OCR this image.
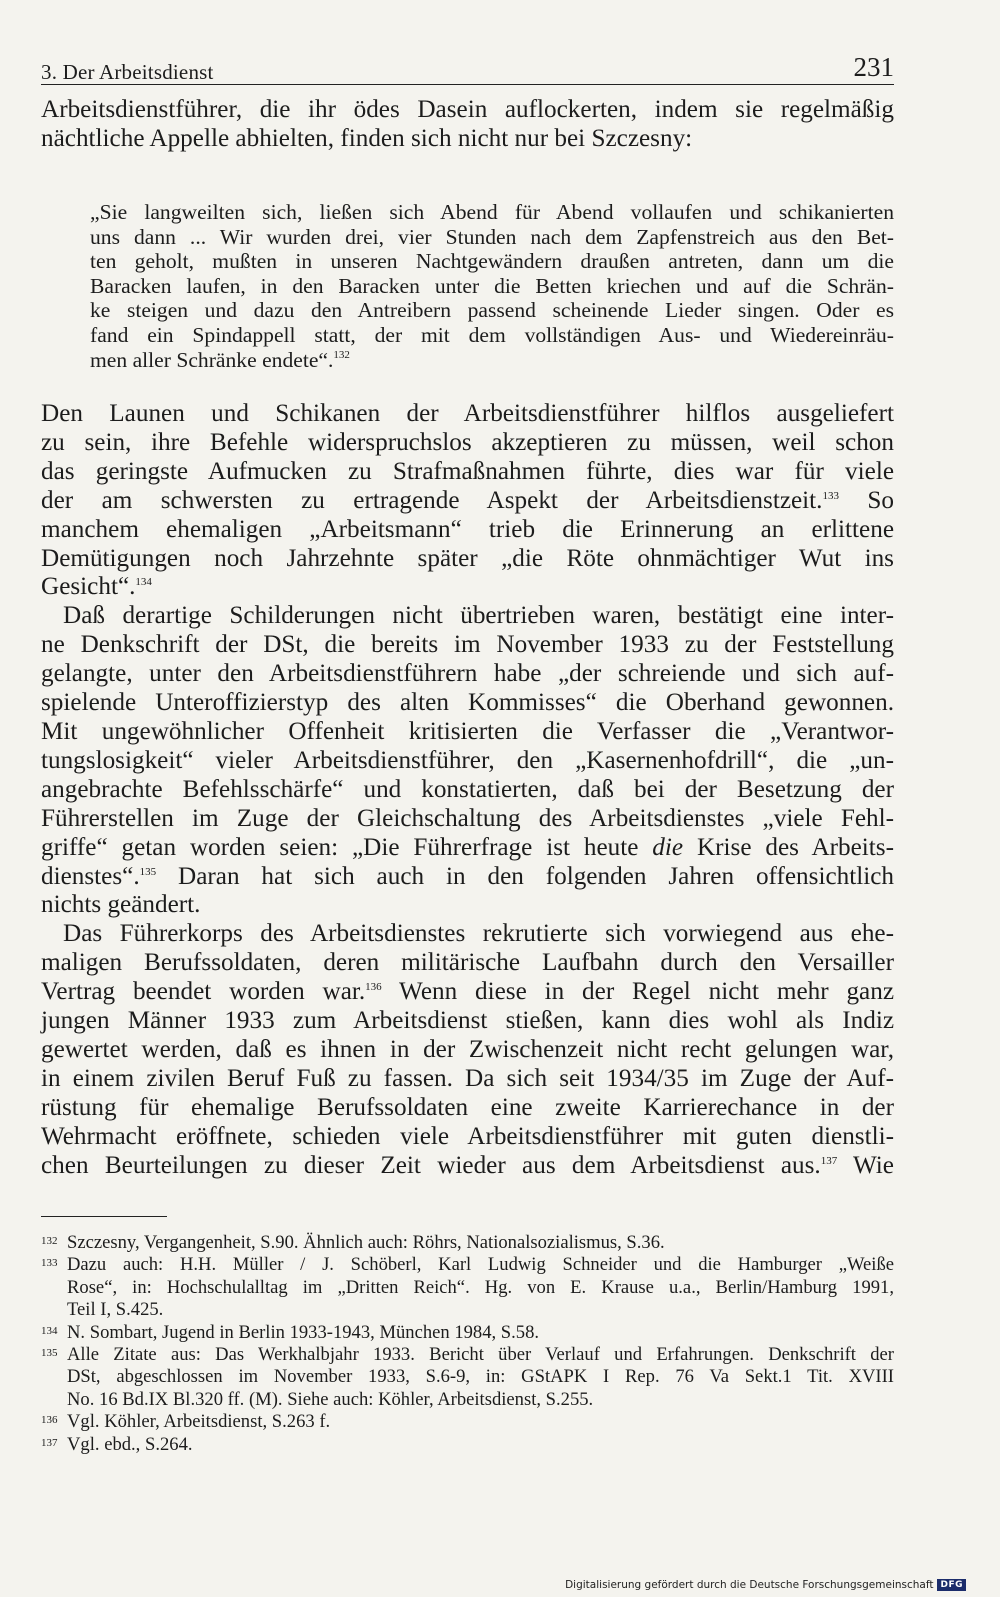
3. Der Arbeitsdienst	231
Arbeitsdienstführer, die ihr ödes Dasein auflockerten, indem sie regelmäßig
nächtliche Appelle abhielten, finden sich nicht nur bei Szczesny:
„Sie langweilten sich, ließen sich Abend für Abend vollaufen und schikanierten
uns dann ... Wir wurden drei, vier Stunden nach dem Zapfenstreich aus den Bet-
ten geholt, mußten in unseren Nachtgewändern draußen antreten, dann um die
Baracken laufen, in den Baracken unter die Betten kriechen und auf die Schrän-
ke steigen und dazu den Antreibern passend scheinende Lieder singen. Oder es
fand ein Spindappell statt, der mit dem vollständigen Aus- und Wiedereinräu-
men aller Schränke endete“.$^{132}$
Den Launen und Schikanen der Arbeitsdienstführer hilflos ausgeliefert
zu sein, ihre Befehle widerspruchslos akzeptieren zu müssen, weil schon
das geringste Aufmucken zu Strafmaßnahmen führte, dies war für viele
der am schwersten zu ertragende Aspekt der Arbeitsdienstzeit.$^{133}$ So
manchem ehemaligen „Arbeitsmann“ trieb die Erinnerung an erlittene
Demütigungen noch Jahrzehnte später „die Röte ohnmächtiger Wut ins
Gesicht“.$^{134}$
Daß derartige Schilderungen nicht übertrieben waren, bestätigt eine inter-
ne Denkschrift der DSt, die bereits im November 1933 zu der Feststellung
gelangte, unter den Arbeitsdienstführern habe „der schreiende und sich auf-
spielende Unteroffizierstyp des alten Kommisses“ die Oberhand gewonnen.
Mit ungewöhnlicher Offenheit kritisierten die Verfasser die „Verantwor-
tungslosigkeit“ vieler Arbeitsdienstführer, den „Kasernenhofdrill“, die „un-
angebrachte Befehlsschärfe“ und konstatierten, daß bei der Besetzung der
Führerstellen im Zuge der Gleichschaltung des Arbeitsdienstes „viele Fehl-
griffe“ getan worden seien: „Die Führerfrage ist heute die Krise des Arbeits-
dienstes“.$^{135}$ Daran hat sich auch in den folgenden Jahren offensichtlich
nichts geändert.
Das Führerkorps des Arbeitsdienstes rekrutierte sich vorwiegend aus ehe-
maligen Berufssoldaten, deren militärische Laufbahn durch den Versailler
Vertrag beendet worden war.$^{136}$ Wenn diese in der Regel nicht mehr ganz
jungen Männer 1933 zum Arbeitsdienst stießen, kann dies wohl als Indiz
gewertet werden, daß es ihnen in der Zwischenzeit nicht recht gelungen war,
in einem zivilen Beruf Fuß zu fassen. Da sich seit 1934/35 im Zuge der Auf-
rüstung für ehemalige Berufssoldaten eine zweite Karrierechance in der
Wehrmacht eröffnete, schieden viele Arbeitsdienstführer mit guten dienstli-
chen Beurteilungen zu dieser Zeit wieder aus dem Arbeitsdienst aus.$^{137}$ Wie
132 Szczesny, Vergangenheit, S.90. Ähnlich auch: Röhrs, Nationalsozialismus, S.36.
133 Dazu auch: H.H. Müller / J. Schöberl, Karl Ludwig Schneider und die Hamburger „Weiße
Rose“, in: Hochschulalltag im „Dritten Reich“. Hg. von E. Krause u.a., Berlin/Hamburg 1991,
Teil I, S.425.
134 N. Sombart, Jugend in Berlin 1933-1943, München 1984, S.58.
135 Alle Zitate aus: Das Werkhalbjahr 1933. Bericht über Verlauf und Erfahrungen. Denkschrift der
DSt, abgeschlossen im November 1933, S.6-9, in: GStAPK I Rep. 76 Va Sekt.1 Tit. XVIII
No. 16 Bd.IX Bl.320 ff. (M). Siehe auch: Köhler, Arbeitsdienst, S.255.
136 Vgl. Köhler, Arbeitsdienst, S.263 f.
137 Vgl. ebd., S.264.
Digitalisierung gefördert durch die Deutsche Forschungsgemeinschaft DFG
